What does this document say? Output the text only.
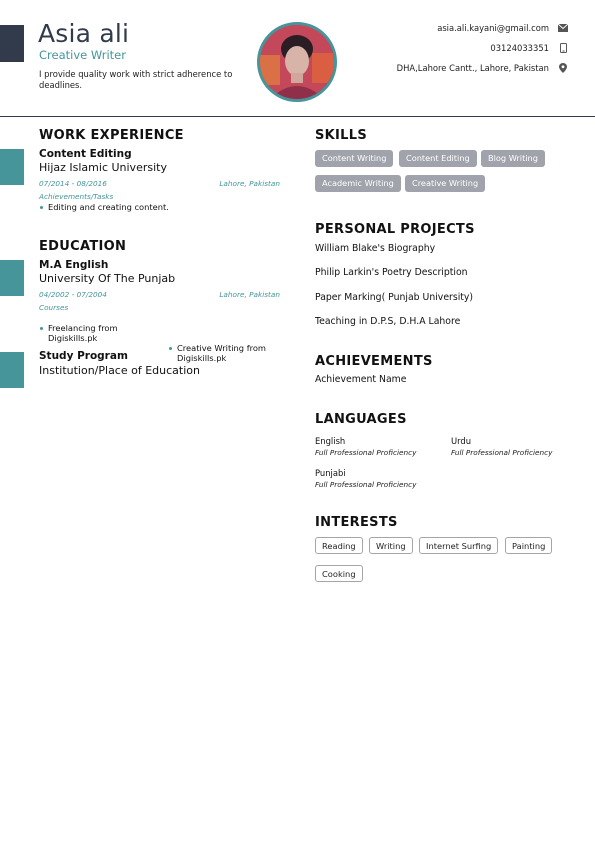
Asia ali
Creative Writer
I provide quality work with strict adherence to deadlines.
asia.ali.kayani@gmail.com
03124033351
DHA,Lahore Cantt., Lahore, Pakistan
WORK EXPERIENCE
Content Editing
Hijaz Islamic University
07/2014 - 08/2016	Lahore, Pakistan
Achievements/Tasks
Editing and creating content.
EDUCATION
M.A English
University Of The Punjab
04/2002 - 07/2004	Lahore, Pakistan
Courses
Freelancing from Digiskills.pk
Creative Writing from Digiskills.pk
Study Program
Institution/Place of Education
SKILLS
Content Writing	Content Editing	Blog Writing
Academic Writing	Creative Writing
PERSONAL PROJECTS
William Blake's Biography
Philip Larkin's Poetry Description
Paper Marking( Punjab University)
Teaching in D.P.S, D.H.A Lahore
ACHIEVEMENTS
Achievement Name
LANGUAGES
English
Full Professional Proficiency
Urdu
Full Professional Proficiency
Punjabi
Full Professional Proficiency
INTERESTS
Reading	Writing	Internet Surfing	Painting
Cooking
